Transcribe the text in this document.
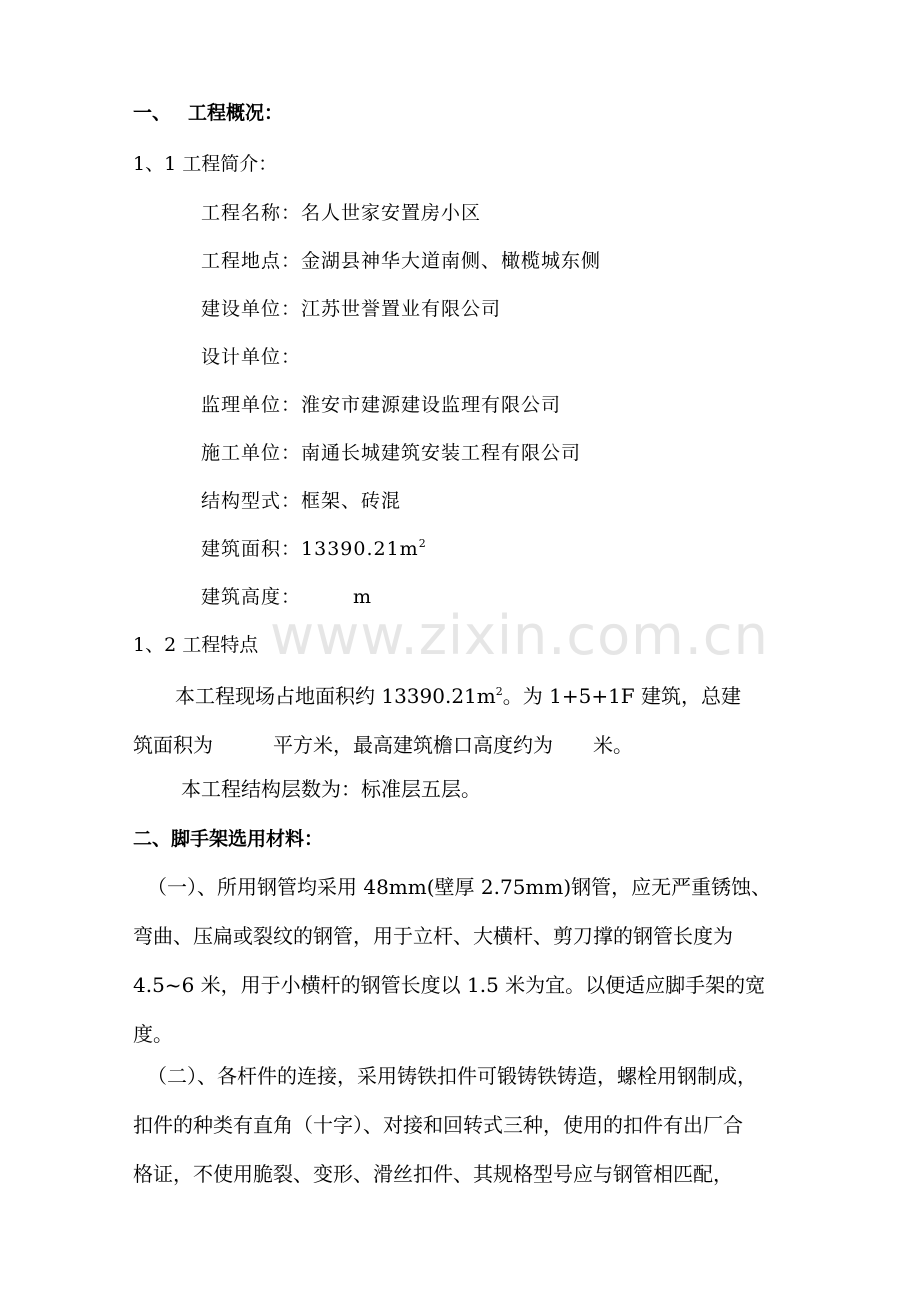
一、 工程概况：
1、1 工程简介：
工程名称：名人世家安置房小区
工程地点：金湖县神华大道南侧、橄榄城东侧
建设单位：江苏世誉置业有限公司
设计单位：
监理单位：淮安市建源建设监理有限公司
施工单位：南通长城建筑安装工程有限公司
结构型式：框架、砖混
建筑面积：$13390.21m^2$
建筑高度：	m
1、2 工程特点
本工程现场占地面积约 $13390.21m^2$。为 1+5+1F 建筑，总建
筑面积为　　　平方米，最高建筑檐口高度约为　　米。
本工程结构层数为：标准层五层。
二、脚手架选用材料：
（一）、所用钢管均采用 48mm(壁厚 2.75mm)钢管，应无严重锈蚀、
弯曲、压扁或裂纹的钢管，用于立杆、大横杆、剪刀撑的钢管长度为
4.5~6 米，用于小横杆的钢管长度以 1.5 米为宜。以便适应脚手架的宽
度。
（二）、各杆件的连接，采用铸铁扣件可锻铸铁铸造，螺栓用钢制成，
扣件的种类有直角（十字）、对接和回转式三种，使用的扣件有出厂合
格证，不使用脆裂、变形、滑丝扣件、其规格型号应与钢管相匹配，
www.zixin.com.cn
